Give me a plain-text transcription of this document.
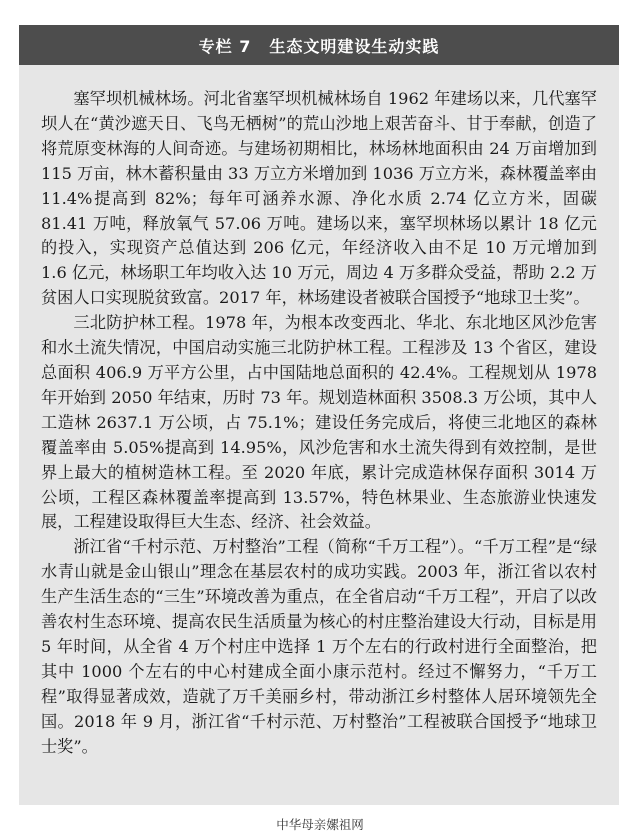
专栏 7 生态文明建设生动实践

塞罕坝机械林场。河北省塞罕坝机械林场自 1962 年建场以来，几代塞罕坝人在“黄沙遮天日、飞鸟无栖树”的荒山沙地上艰苦奋斗、甘于奉献，创造了将荒原变林海的人间奇迹。与建场初期相比，林场林地面积由 24 万亩增加到 115 万亩，林木蓄积量由 33 万立方米增加到 1036 万立方米，森林覆盖率由 11.4%提高到 82%；每年可涵养水源、净化水质 2.74 亿立方米，固碳 81.41 万吨，释放氧气 57.06 万吨。建场以来，塞罕坝林场以累计 18 亿元的投入，实现资产总值达到 206 亿元，年经济收入由不足 10 万元增加到 1.6 亿元，林场职工年均收入达 10 万元，周边 4 万多群众受益，帮助 2.2 万贫困人口实现脱贫致富。2017 年，林场建设者被联合国授予“地球卫士奖”。

三北防护林工程。1978 年，为根本改变西北、华北、东北地区风沙危害和水土流失情况，中国启动实施三北防护林工程。工程涉及 13 个省区，建设总面积 406.9 万平方公里，占中国陆地总面积的 42.4%。工程规划从 1978 年开始到 2050 年结束，历时 73 年。规划造林面积 3508.3 万公顷，其中人工造林 2637.1 万公顷，占 75.1%；建设任务完成后，将使三北地区的森林覆盖率由 5.05%提高到 14.95%，风沙危害和水土流失得到有效控制，是世界上最大的植树造林工程。至 2020 年底，累计完成造林保存面积 3014 万公顷，工程区森林覆盖率提高到 13.57%，特色林果业、生态旅游业快速发展，工程建设取得巨大生态、经济、社会效益。

浙江省“千村示范、万村整治”工程（简称“千万工程”）。“千万工程”是“绿水青山就是金山银山”理念在基层农村的成功实践。2003 年，浙江省以农村生产生活生态的“三生”环境改善为重点，在全省启动“千万工程”，开启了以改善农村生态环境、提高农民生活质量为核心的村庄整治建设大行动，目标是用 5 年时间，从全省 4 万个村庄中选择 1 万个左右的行政村进行全面整治，把其中 1000 个左右的中心村建成全面小康示范村。经过不懈努力，“千万工程”取得显著成效，造就了万千美丽乡村，带动浙江乡村整体人居环境领先全国。2018 年 9 月，浙江省“千村示范、万村整治”工程被联合国授予“地球卫士奖”。

中华母亲嫘祖网
